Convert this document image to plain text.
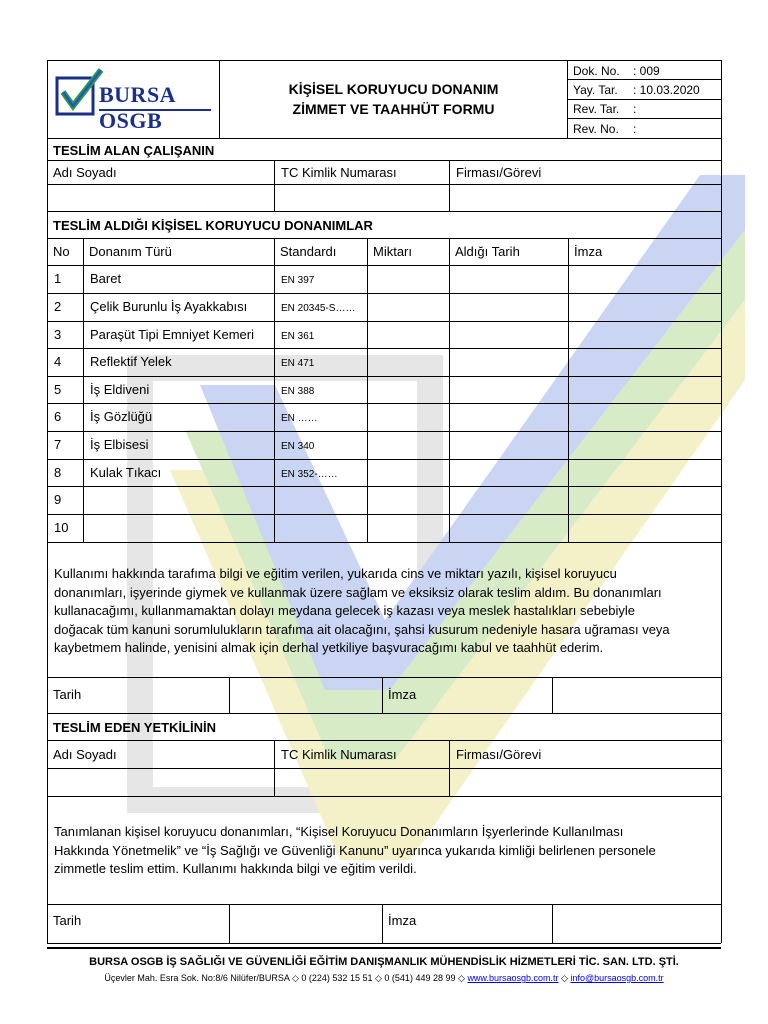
BURSA OSGB
KİŞİSEL KORUYUCU DONANIM
ZİMMET VE TAAHHÜT FORMU
Dok. No. : 009
Yay. Tar. : 10.03.2020
Rev. Tar. :
Rev. No. :
TESLİM ALAN ÇALIŞANIN
Adı Soyadı	TC Kimlik Numarası	Firması/Görevi
TESLİM ALDIĞI KİŞİSEL KORUYUCU DONANIMLAR
No Donanım Türü	Standardı	Miktarı	Aldığı Tarih	İmza
1 Baret	EN 397
2 Çelik Burunlu İş Ayakkabısı	EN 20345-S……
3 Paraşüt Tipi Emniyet Kemeri	EN 361
4 Reflektif Yelek	EN 471
5 İş Eldiveni	EN 388
6 İş Gözlüğü	EN ……
7 İş Elbisesi	EN 340
8 Kulak Tıkacı	EN 352-……
9
10
Kullanımı hakkında tarafıma bilgi ve eğitim verilen, yukarıda cins ve miktarı yazılı, kişisel koruyucu
donanımları, işyerinde giymek ve kullanmak üzere sağlam ve eksiksiz olarak teslim aldım. Bu donanımları
kullanacağımı, kullanmamaktan dolayı meydana gelecek iş kazası veya meslek hastalıkları sebebiyle
doğacak tüm kanuni sorumlulukların tarafıma ait olacağını, şahsi kusurum nedeniyle hasara uğraması veya
kaybetmem halinde, yenisini almak için derhal yetkiliye başvuracağımı kabul ve taahhüt ederim.
Tarih	İmza
TESLİM EDEN YETKİLİNİN
Adı Soyadı	TC Kimlik Numarası	Firması/Görevi
Tanımlanan kişisel koruyucu donanımları, “Kişisel Koruyucu Donanımların İşyerlerinde Kullanılması
Hakkında Yönetmelik” ve “İş Sağlığı ve Güvenliği Kanunu” uyarınca yukarıda kimliği belirlenen personele
zimmetle teslim ettim. Kullanımı hakkında bilgi ve eğitim verildi.
Tarih	İmza
BURSA OSGB İŞ SAĞLIĞI VE GÜVENLİĞİ EĞİTİM DANIŞMANLIK MÜHENDİSLİK HİZMETLERİ TİC. SAN. LTD. ŞTİ.
Üçevler Mah. Esra Sok. No:8/6 Nilüfer/BURSA ◇ 0 (224) 532 15 51 ◇ 0 (541) 449 28 99 ◇ www.bursaosgb.com.tr ◇ info@bursaosgb.com.tr
